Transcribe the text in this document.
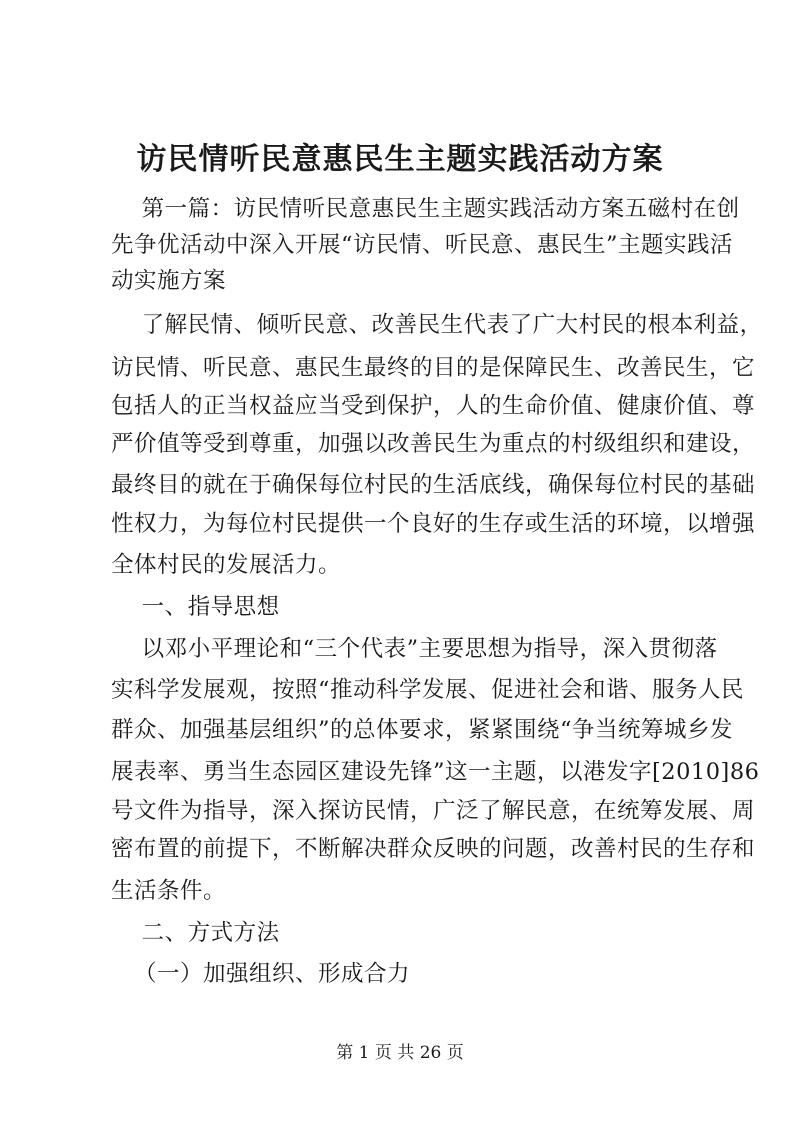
访民情听民意惠民生主题实践活动方案
第一篇：访民情听民意惠民生主题实践活动方案五磁村在创
先争优活动中深入开展“访民情、听民意、惠民生”主题实践活
动实施方案
了解民情、倾听民意、改善民生代表了广大村民的根本利益，
访民情、听民意、惠民生最终的目的是保障民生、改善民生，它
包括人的正当权益应当受到保护，人的生命价值、健康价值、尊
严价值等受到尊重，加强以改善民生为重点的村级组织和建设，
最终目的就在于确保每位村民的生活底线，确保每位村民的基础
性权力，为每位村民提供一个良好的生存或生活的环境，以增强
全体村民的发展活力。
一、指导思想
以邓小平理论和“三个代表”主要思想为指导，深入贯彻落
实科学发展观，按照“推动科学发展、促进社会和谐、服务人民
群众、加强基层组织”的总体要求，紧紧围绕“争当统筹城乡发
展表率、勇当生态园区建设先锋”这一主题，以港发字[2010]86
号文件为指导，深入探访民情，广泛了解民意，在统筹发展、周
密布置的前提下，不断解决群众反映的问题，改善村民的生存和
生活条件。
二、方式方法
（一）加强组织、形成合力
第 1 页 共 26 页
